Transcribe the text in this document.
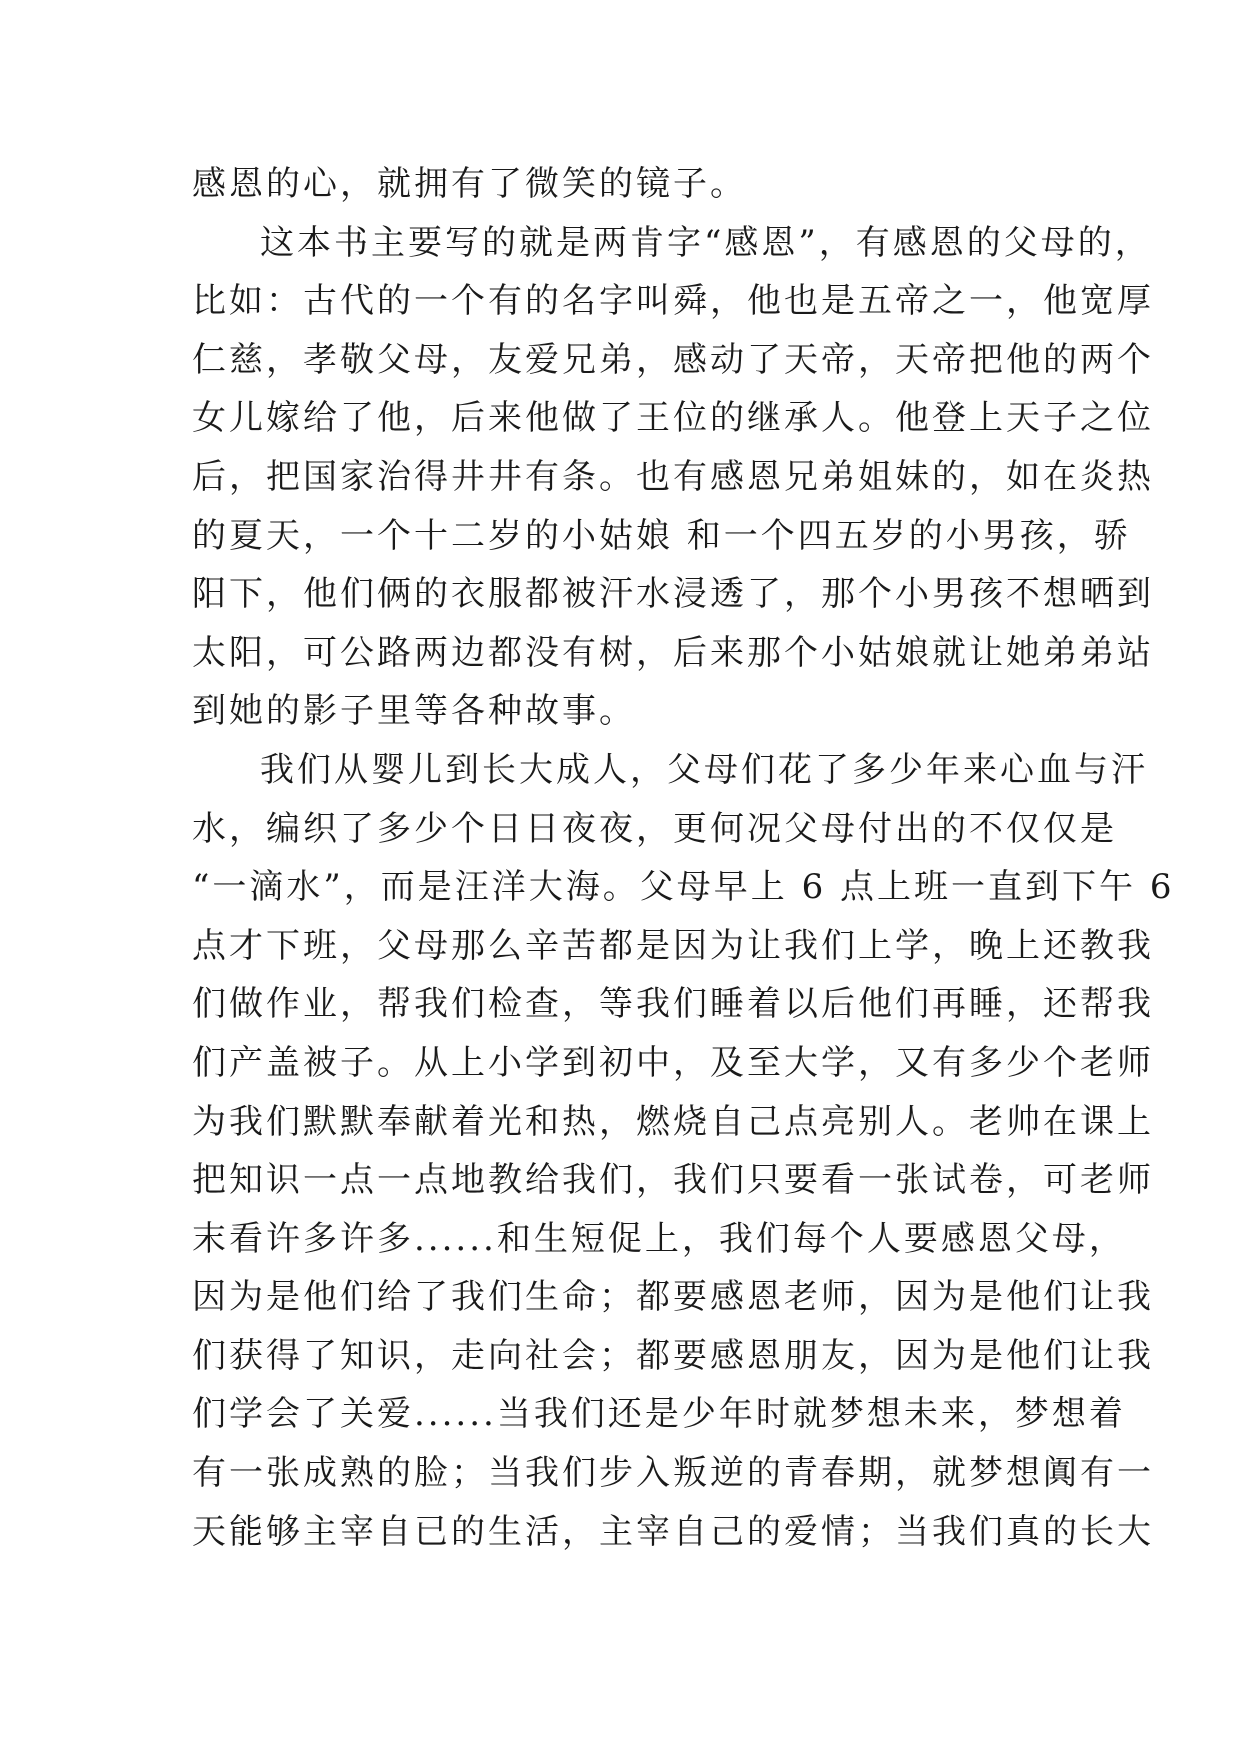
感恩的心，就拥有了微笑的镜子。
这本书主要写的就是两肯字“感恩”，有感恩的父母的，
比如：古代的一个有的名字叫舜，他也是五帝之一，他宽厚
仁慈，孝敬父母，友爱兄弟，感动了天帝，天帝把他的两个
女儿嫁给了他，后来他做了王位的继承人。他登上天子之位
后，把国家治得井井有条。也有感恩兄弟姐妹的，如在炎热
的夏天，一个十二岁的小姑娘 和一个四五岁的小男孩，骄
阳下，他们俩的衣服都被汗水浸透了，那个小男孩不想晒到
太阳，可公路两边都没有树，后来那个小姑娘就让她弟弟站
到她的影子里等各种故事。
我们从婴儿到长大成人，父母们花了多少年来心血与汗
水，编织了多少个日日夜夜，更何况父母付出的不仅仅是
“一滴水”，而是汪洋大海。父母早上 6 点上班一直到下午 6
点才下班，父母那么辛苦都是因为让我们上学，晚上还教我
们做作业，帮我们检查，等我们睡着以后他们再睡，还帮我
们产盖被子。从上小学到初中，及至大学，又有多少个老师
为我们默默奉献着光和热，燃烧自己点亮别人。老帅在课上
把知识一点一点地教给我们，我们只要看一张试卷，可老师
末看许多许多......和生短促上，我们每个人要感恩父母，
因为是他们给了我们生命；都要感恩老师，因为是他们让我
们获得了知识，走向社会；都要感恩朋友，因为是他们让我
们学会了关爱......当我们还是少年时就梦想未来，梦想着
有一张成熟的脸；当我们步入叛逆的青春期，就梦想阗有一
天能够主宰自已的生活，主宰自己的爱情；当我们真的长大
